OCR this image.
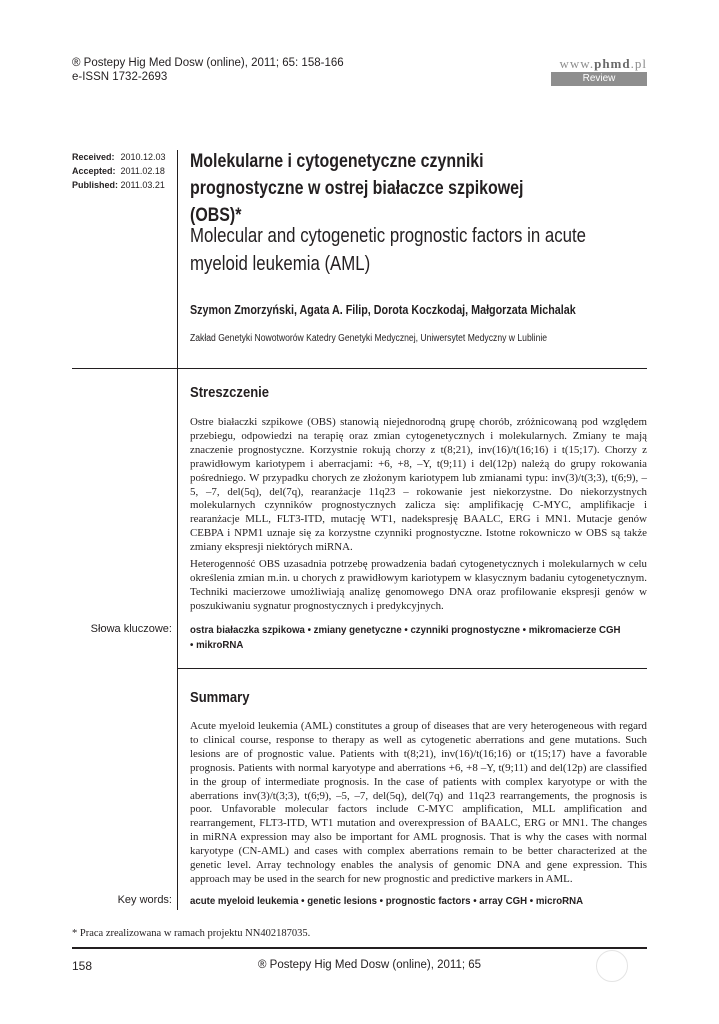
® Postepy Hig Med Dosw (online), 2011; 65: 158-166
e-ISSN 1732-2693
www.phmd.pl
Review
Received: 2010.12.03
Accepted: 2011.02.18
Published: 2011.03.21
Molekularne i cytogenetyczne czynniki prognostyczne w ostrej białaczce szpikowej (OBS)*
Molecular and cytogenetic prognostic factors in acute myeloid leukemia (AML)
Szymon Zmorzyński, Agata A. Filip, Dorota Koczkodaj, Małgorzata Michalak
Zakład Genetyki Nowotworów Katedry Genetyki Medycznej, Uniwersytet Medyczny w Lublinie
Streszczenie

Ostre białaczki szpikowe (OBS) stanowią niejednorodną grupę chorób, zróżnicowaną pod względem przebiegu, odpowiedzi na terapię oraz zmian cytogenetycznych i molekularnych. Zmiany te mają znaczenie prognostyczne. Korzystnie rokują chorzy z t(8;21), inv(16)/t(16;16) i t(15;17). Chorzy z prawidłowym kariotypem i aberracjami: +6, +8, –Y, t(9;11) i del(12p) należą do grupy rokowania pośredniego. W przypadku chorych ze złożonym kariotypem lub zmianami typu: inv(3)/t(3;3), t(6;9), –5, –7, del(5q), del(7q), rearanżacje 11q23 – rokowanie jest niekorzystne. Do niekorzystnych molekularnych czynników prognostycznych zalicza się: amplifikację C-MYC, amplifikacje i rearanżacje MLL, FLT3-ITD, mutację WT1, nadekspresję BAALC, ERG i MN1. Mutacje genów CEBPA i NPM1 uznaje się za korzystne czynniki prognostyczne. Istotne rokowniczo w OBS są także zmiany ekspresji niektórych miRNA.

Heterogenność OBS uzasadnia potrzebę prowadzenia badań cytogenetycznych i molekularnych w celu określenia zmian m.in. u chorych z prawidłowym kariotypem w klasycznym badaniu cytogenetycznym. Techniki macierzowe umożliwiają analizę genomowego DNA oraz profilowanie ekspresji genów w poszukiwaniu sygnatur prognostycznych i predykcyjnych.

Słowa kluczowe: ostra białaczka szpikowa • zmiany genetyczne • czynniki prognostyczne • mikromacierze CGH • mikroRNA
Summary

Acute myeloid leukemia (AML) constitutes a group of diseases that are very heterogeneous with regard to clinical course, response to therapy as well as cytogenetic aberrations and gene mutations. Such lesions are of prognostic value. Patients with t(8;21), inv(16)/t(16;16) or t(15;17) have a favorable prognosis. Patients with normal karyotype and aberrations +6, +8 –Y, t(9;11) and del(12p) are classified in the group of intermediate prognosis. In the case of patients with complex karyotype or with the aberrations inv(3)/t(3;3), t(6;9), –5, –7, del(5q), del(7q) and 11q23 rearrangements, the prognosis is poor. Unfavorable molecular factors include C-MYC amplification, MLL amplification and rearrangement, FLT3-ITD, WT1 mutation and overexpression of BAALC, ERG or MN1. The changes in miRNA expression may also be important for AML prognosis. That is why the cases with normal karyotype (CN-AML) and cases with complex aberrations remain to be better characterized at the genetic level. Array technology enables the analysis of genomic DNA and gene expression. This approach may be used in the search for new prognostic and predictive markers in AML.

Key words: acute myeloid leukemia • genetic lesions • prognostic factors • array CGH • microRNA
* Praca zrealizowana w ramach projektu NN402187035.
158	® Postepy Hig Med Dosw (online), 2011; 65
